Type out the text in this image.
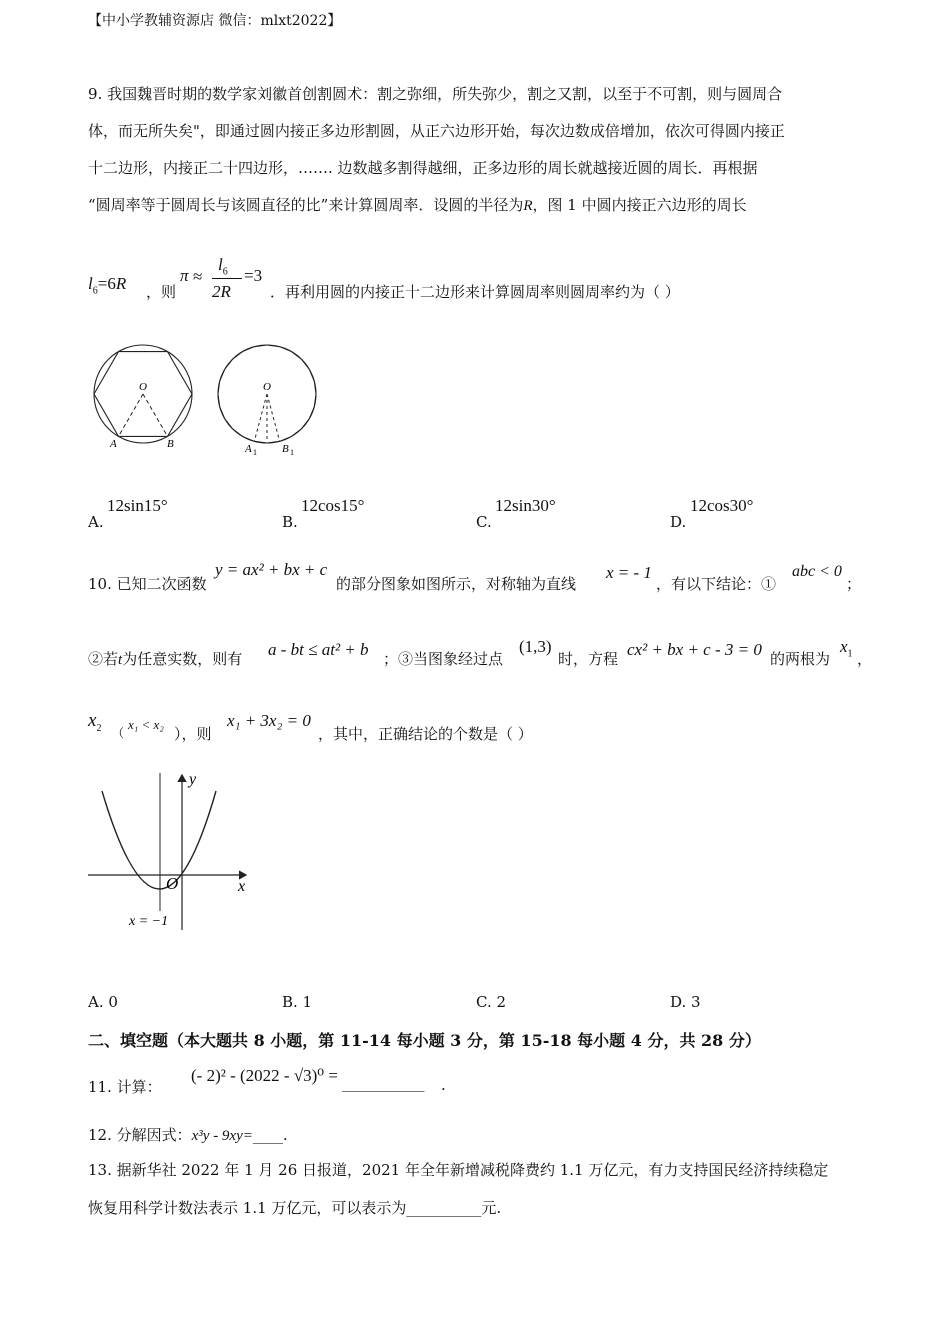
【中小学教辅资源店 微信：mlxt2022】
9. 我国魏晋时期的数学家刘徽首创割圆术：割之弥细，所失弥少，割之又割，以至于不可割，则与圆周合
体，而无所失矣"，即通过圆内接正多边形割圆，从正六边形开始，每次边数成倍增加，依次可得圆内接正
十二边形，内接正二十四边形，……. 边数越多割得越细，正多边形的周长就越接近圆的周长．再根据
“圆周率等于圆周长与该圆直径的比”来计算圆周率．设圆的半径为R，图 1 中圆内接正六边形的周长
$l_6=6R$ ，则
π ≈
$l_6$
2R
=3
．再利用圆的内接正十二边形来计算圆周率则圆周率约为（ ）
O
A	B
O
A 1 B 1
A.
12sin15°
B.
12cos15°
C.
12sin30°
D.
12cos30°
10. 已知二次函数
y = ax² + bx + c
的部分图象如图所示，对称轴为直线
x = - 1
，有以下结论：①
abc < 0
；
②若t为任意实数，则有 a - bt ≤ at² + b ；③当图象经过点
(1,3)
时，方程 cx² + bx + c - 3 = 0 的两根为
$x_1$ ，
$x_2$ （
x₁ < x₂
），则
x₁ + 3x₂ = 0
，其中，正确结论的个数是（ ）
y
x
O
x = −1
A. 0	B. 1	C. 2	D. 3
二、填空题（本大题共 8 小题，第 11-14 每小题 3 分，第 15-18 每小题 4 分，共 28 分）
11. 计算：
(- 2)² - (2022 - √3)⁰ = ___________ .
12. 分解因式：x³y - 9xy=____.
13. 据新华社 2022 年 1 月 26 日报道，2021 年全年新增减税降费约 1.1 万亿元，有力支持国民经济持续稳定
恢复用科学计数法表示 1.1 万亿元，可以表示为__________元.
